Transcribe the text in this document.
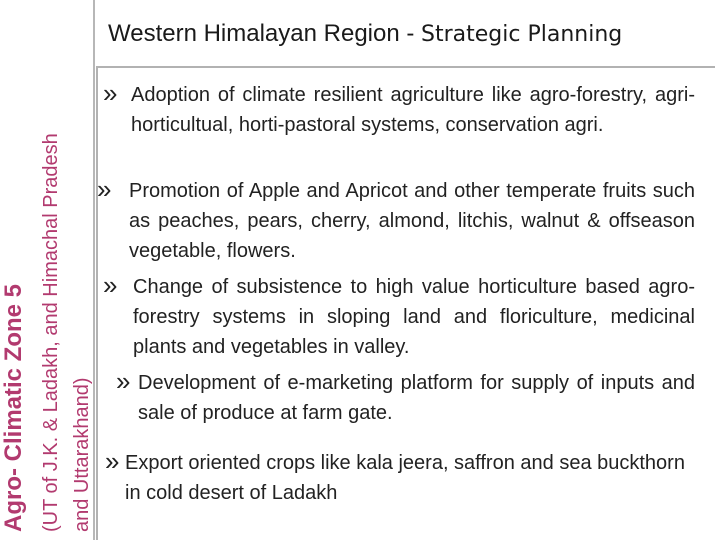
Agro- Climatic Zone 5 (UT of J.K. & Ladakh, and Himachal Pradesh and Uttarakhand)
Western Himalayan Region - Strategic Planning
» Adoption of climate resilient agriculture like agro-forestry, agri-horticultual, horti-pastoral systems, conservation agri.
» Promotion of Apple and Apricot and other temperate fruits such as peaches, pears, cherry, almond, litchis, walnut & offseason vegetable, flowers.
» Change of subsistence to high value horticulture based agro-forestry systems in sloping land and floriculture, medicinal plants and vegetables in valley.
» Development of e-marketing platform for supply of inputs and sale of produce at farm gate.
» Export oriented crops like kala jeera, saffron and sea buckthorn in cold desert of Ladakh
